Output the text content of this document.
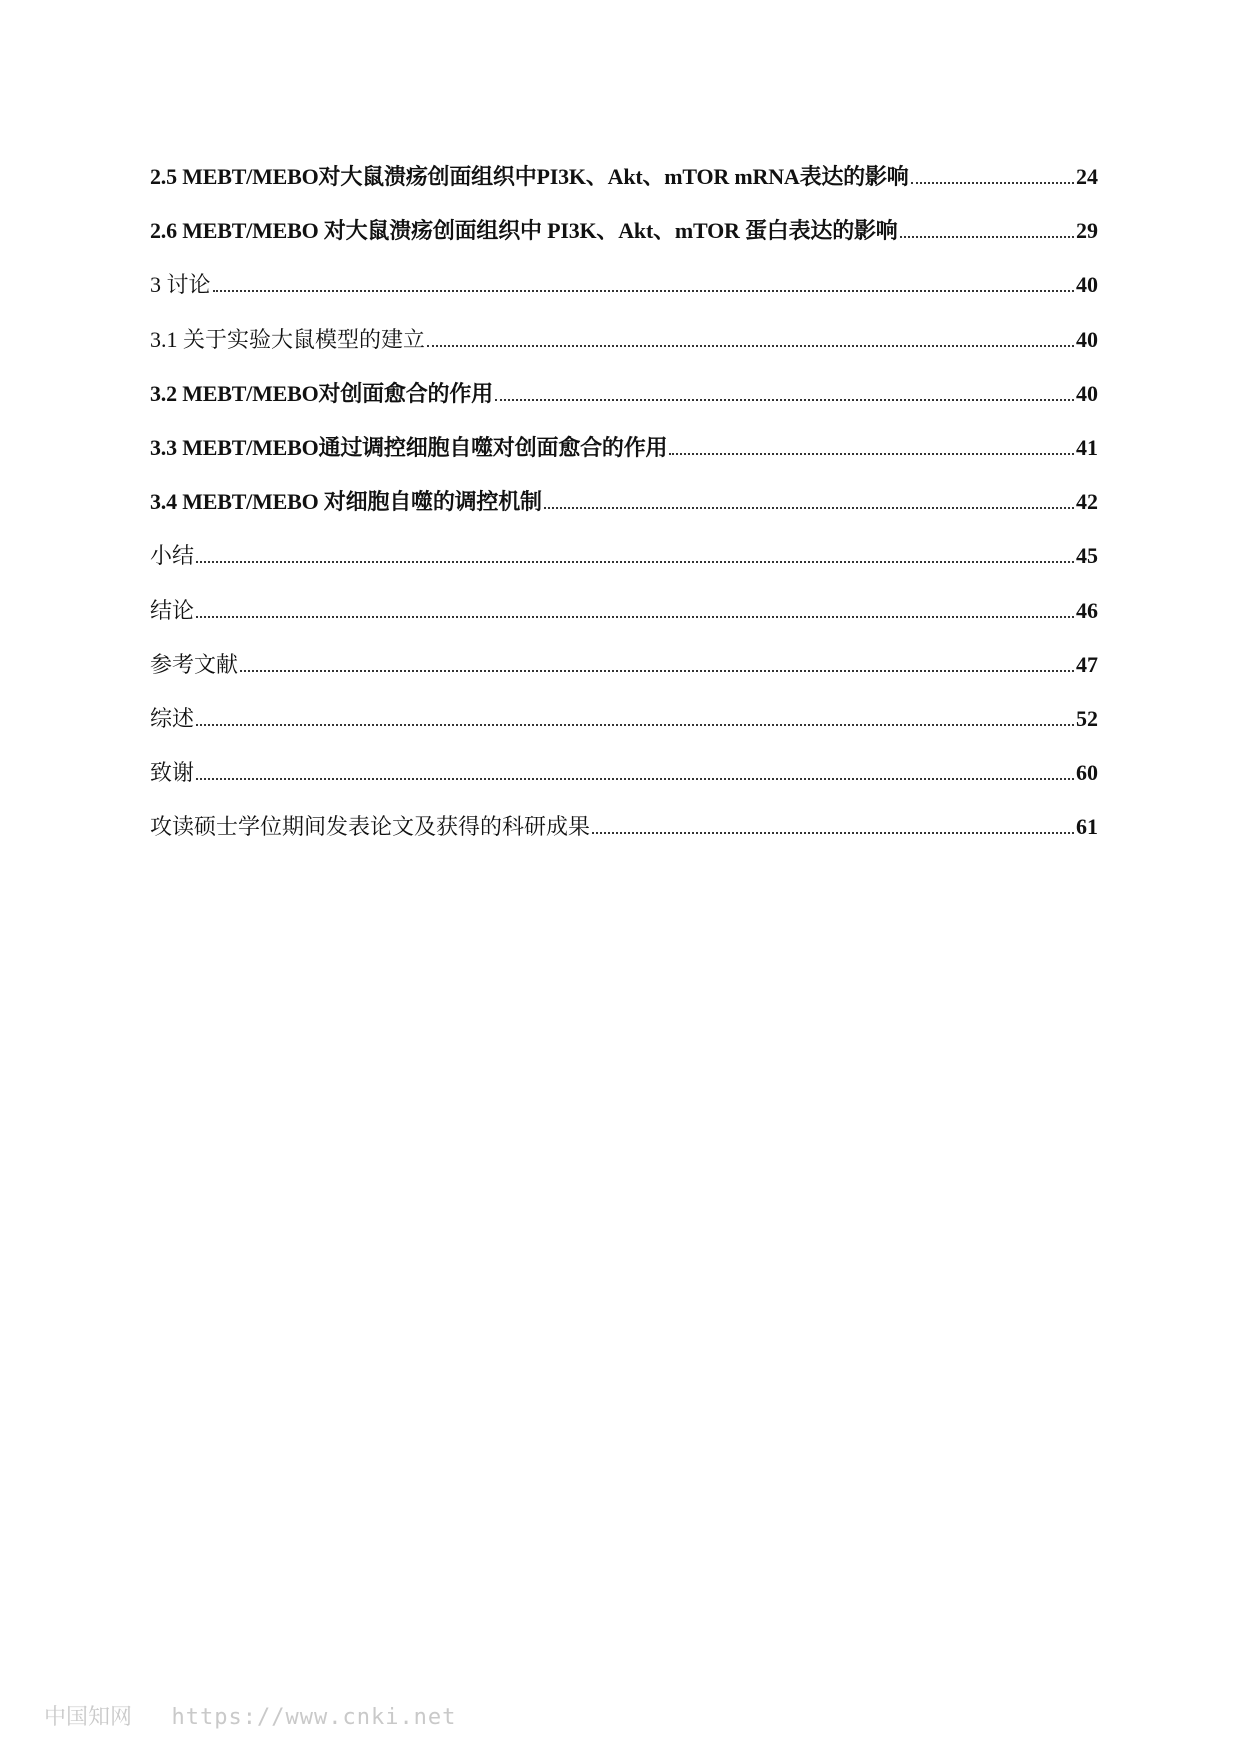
2.5 MEBT/MEBO对大鼠溃疡创面组织中PI3K、Akt、mTOR mRNA表达的影响	24
2.6 MEBT/MEBO 对大鼠溃疡创面组织中 PI3K、Akt、mTOR 蛋白表达的影响	29
3 讨论	40
3.1 关于实验大鼠模型的建立	40
3.2 MEBT/MEBO对创面愈合的作用	40
3.3 MEBT/MEBO通过调控细胞自噬对创面愈合的作用	41
3.4 MEBT/MEBO 对细胞自噬的调控机制	42
小结	45
结论	46
参考文献	47
综述	52
致谢	60
攻读硕士学位期间发表论文及获得的科研成果	61
中国知网 https://www.cnki.net
